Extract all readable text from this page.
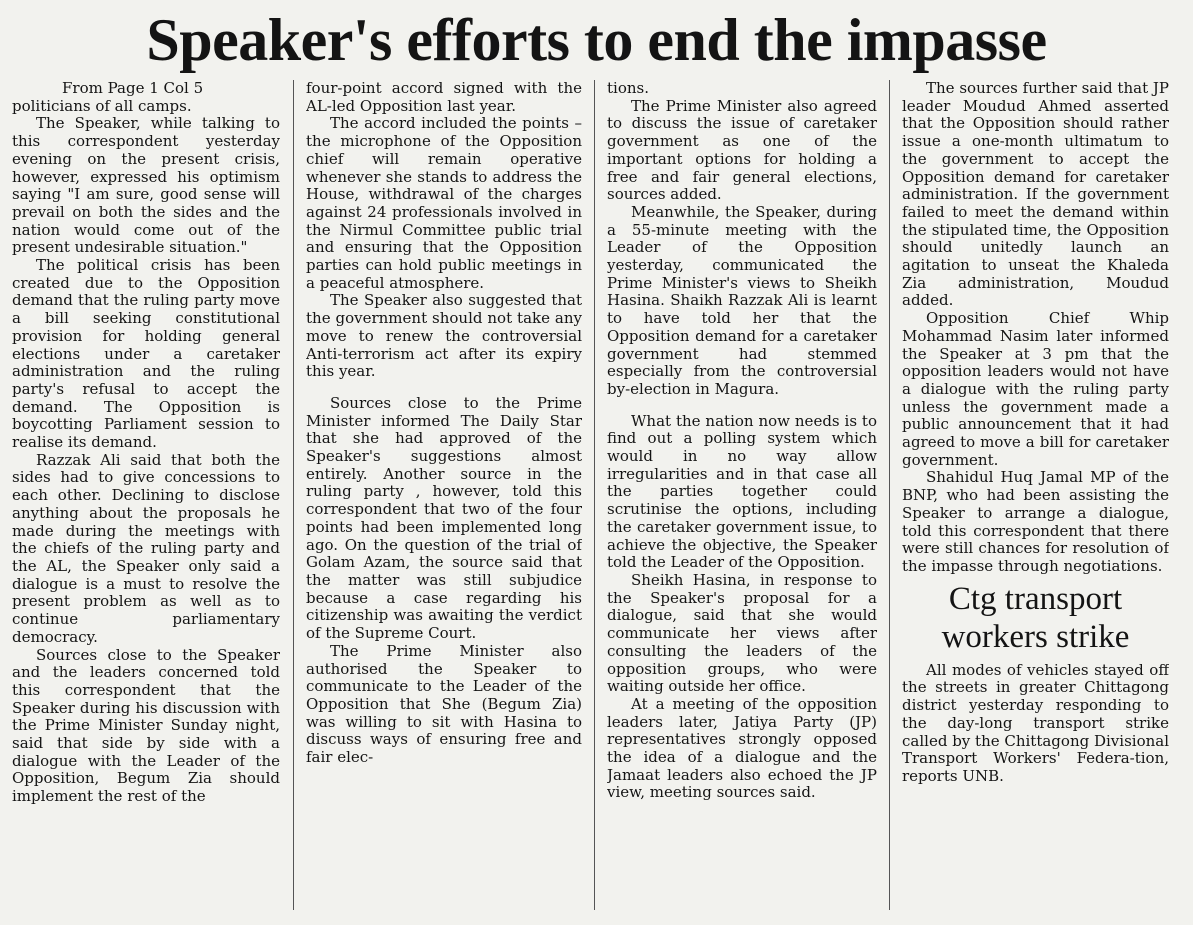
Speaker's efforts to end the impasse

From Page 1 Col 5

politicians of all camps.

The Speaker, while talking to this correspondent yesterday evening on the present crisis, however, expressed his optimism saying "I am sure, good sense will prevail on both the sides and the nation would come out of the present undesirable situation."

The political crisis has been created due to the Opposition demand that the ruling party move a bill seeking constitutional provision for holding general elections under a caretaker administration and the ruling party's refusal to accept the demand. The Opposition is boycotting Parliament session to realise its demand.

Razzak Ali said that both the sides had to give concessions to each other. Declining to disclose anything about the proposals he made during the meetings with the chiefs of the ruling party and the AL, the Speaker only said a dialogue is a must to resolve the present problem as well as to continue parliamentary democracy.

Sources close to the Speaker and the leaders concerned told this correspondent that the Speaker during his discussion with the Prime Minister Sunday night, said that side by side with a dialogue with the Leader of the Opposition, Begum Zia should implement the rest of the

four-point accord signed with the AL-led Opposition last year.

The accord included the points – the microphone of the Opposition chief will remain operative whenever she stands to address the House, withdrawal of the charges against 24 professionals involved in the Nirmul Committee public trial and ensuring that the Opposition parties can hold public meetings in a peaceful atmosphere.

The Speaker also suggested that the government should not take any move to renew the controversial Anti-terrorism act after its expiry this year.

Sources close to the Prime Minister informed The Daily Star that she had approved of the Speaker's suggestions almost entirely. Another source in the ruling party , however, told this correspondent that two of the four points had been implemented long ago. On the question of the trial of Golam Azam, the source said that the matter was still subjudice because a case regarding his citizenship was awaiting the verdict of the Supreme Court.

The Prime Minister also authorised the Speaker to communicate to the Leader of the Opposition that She (Begum Zia) was willing to sit with Hasina to discuss ways of ensuring free and fair elec-

tions.

The Prime Minister also agreed to discuss the issue of caretaker government as one of the important options for holding a free and fair general elections, sources added.

Meanwhile, the Speaker, during a 55-minute meeting with the Leader of the Opposition yesterday, communicated the Prime Minister's views to Sheikh Hasina. Shaikh Razzak Ali is learnt to have told her that the Opposition demand for a caretaker government had stemmed especially from the controversial by-election in Magura.

What the nation now needs is to find out a polling system which would in no way allow irregularities and in that case all the parties together could scrutinise the options, including the caretaker government issue, to achieve the objective, the Speaker told the Leader of the Opposition.

Sheikh Hasina, in response to the Speaker's proposal for a dialogue, said that she would communicate her views after consulting the leaders of the opposition groups, who were waiting outside her office.

At a meeting of the opposition leaders later, Jatiya Party (JP) representatives strongly opposed the idea of a dialogue and the Jamaat leaders also echoed the JP view, meeting sources said.

The sources further said that JP leader Moudud Ahmed asserted that the Opposition should rather issue a one-month ultimatum to the government to accept the Opposition demand for caretaker administration. If the government failed to meet the demand within the stipulated time, the Opposition should unitedly launch an agitation to unseat the Khaleda Zia administration, Moudud added.

Opposition Chief Whip Mohammad Nasim later informed the Speaker at 3 pm that the opposition leaders would not have a dialogue with the ruling party unless the government made a public announcement that it had agreed to move a bill for caretaker government.

Shahidul Huq Jamal MP of the BNP, who had been assisting the Speaker to arrange a dialogue, told this correspondent that there were still chances for resolution of the impasse through negotiations.

Ctg transport
workers strike

All modes of vehicles stayed off the streets in greater Chittagong district yesterday responding to the day-long transport strike called by the Chittagong Divisional Transport Workers' Federa-tion, reports UNB.
